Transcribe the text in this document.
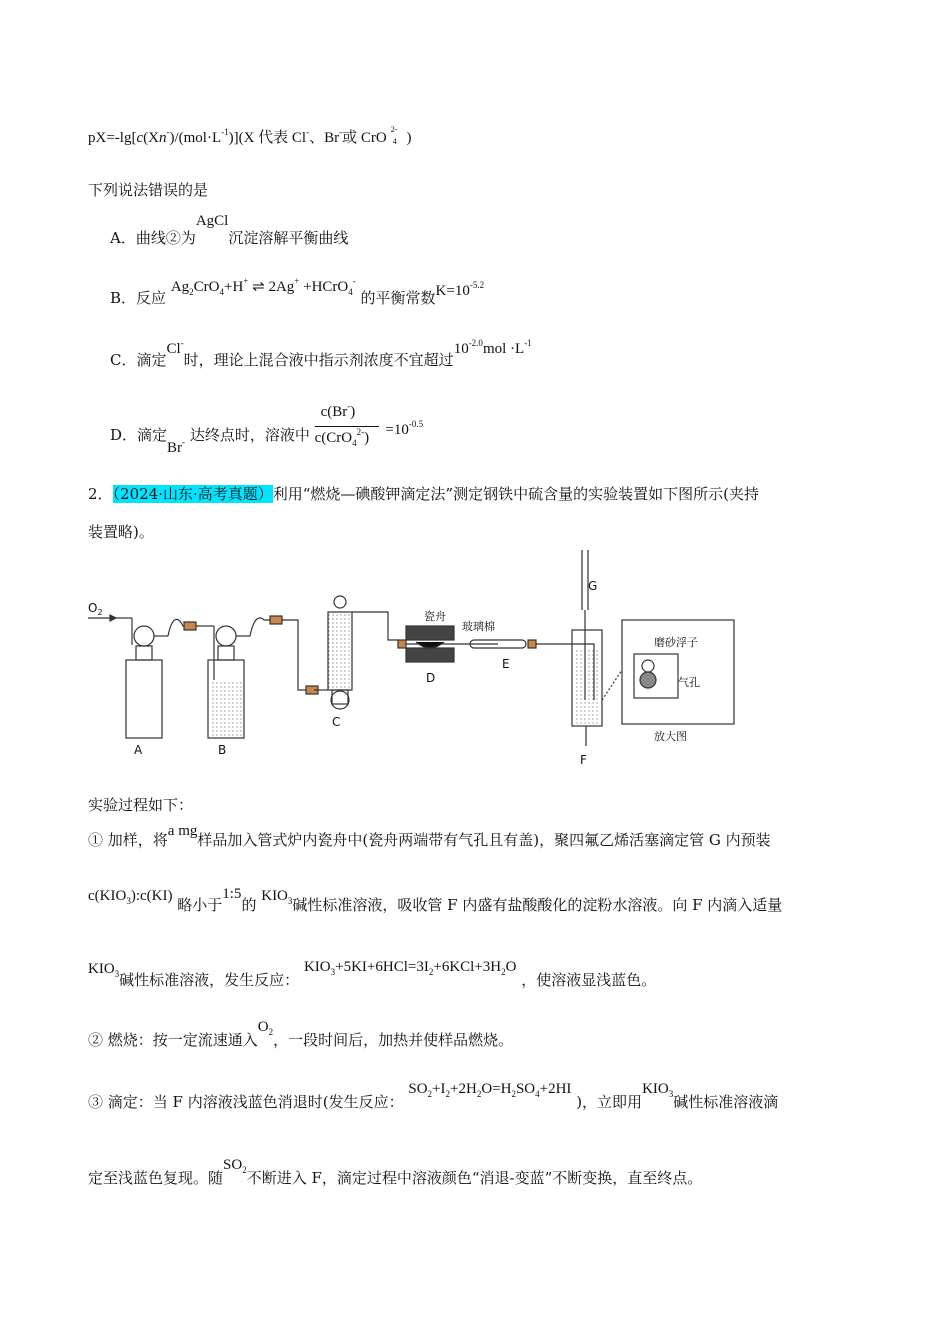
$pX=-\lg[c(Xn^-)/(mol\cdot L^{-1})](X$ 代表 Cl-、Br-或 CrO
2-
4 )
下列说法错误的是
A．曲线②为AgCl沉淀溶解平衡曲线
B．反应 $Ag_2CrO_4+H^+$ ⇌ 2Ag+ +HCrO$_4$- 的平衡常数$K=10^{-5.2}$
C．滴定Cl-时，理论上混合液中指示剂浓度不宜超过$10^{-2.0}mol \cdot L^{-1}$
D．滴定Br- 达终点时，溶液中
c(Br-)
$c(CrO_4^{2-}) =10^{-0.5}$
2．（2024·山东·高考真题）利用“燃烧—碘酸钾滴定法”测定钢铁中硫含量的实验装置如下图所示(夹持
装置略)。
$O_2$
A	B
C
瓷舟
D
玻璃棉
E
G
F
磨砂浮子
气孔
放大图
实验过程如下：
① 加样，将a mg样品加入管式炉内瓷舟中(瓷舟两端带有气孔且有盖)，聚四氟乙烯活塞滴定管 G 内预装
$c(KIO_3):c(KI)$ 略小于1:5的 $KIO_3$碱性标准溶液，吸收管 F 内盛有盐酸酸化的淀粉水溶液。向 F 内滴入适量
$KIO_3$碱性标准溶液，发生反应： $KIO_3+5KI+6HCl=3I_2+6KCl+3H_2O$ ，使溶液显浅蓝色。
② 燃烧：按一定流速通入$O_2$，一段时间后，加热并使样品燃烧。
③ 滴定：当 F 内溶液浅蓝色消退时(发生反应： $SO_2+I_2+2H_2O=H_2SO_4+2HI$ )，立即用$KIO_3$碱性标准溶液滴
定至浅蓝色复现。随$SO_2$不断进入 F，滴定过程中溶液颜色“消退-变蓝”不断变换，直至终点。
